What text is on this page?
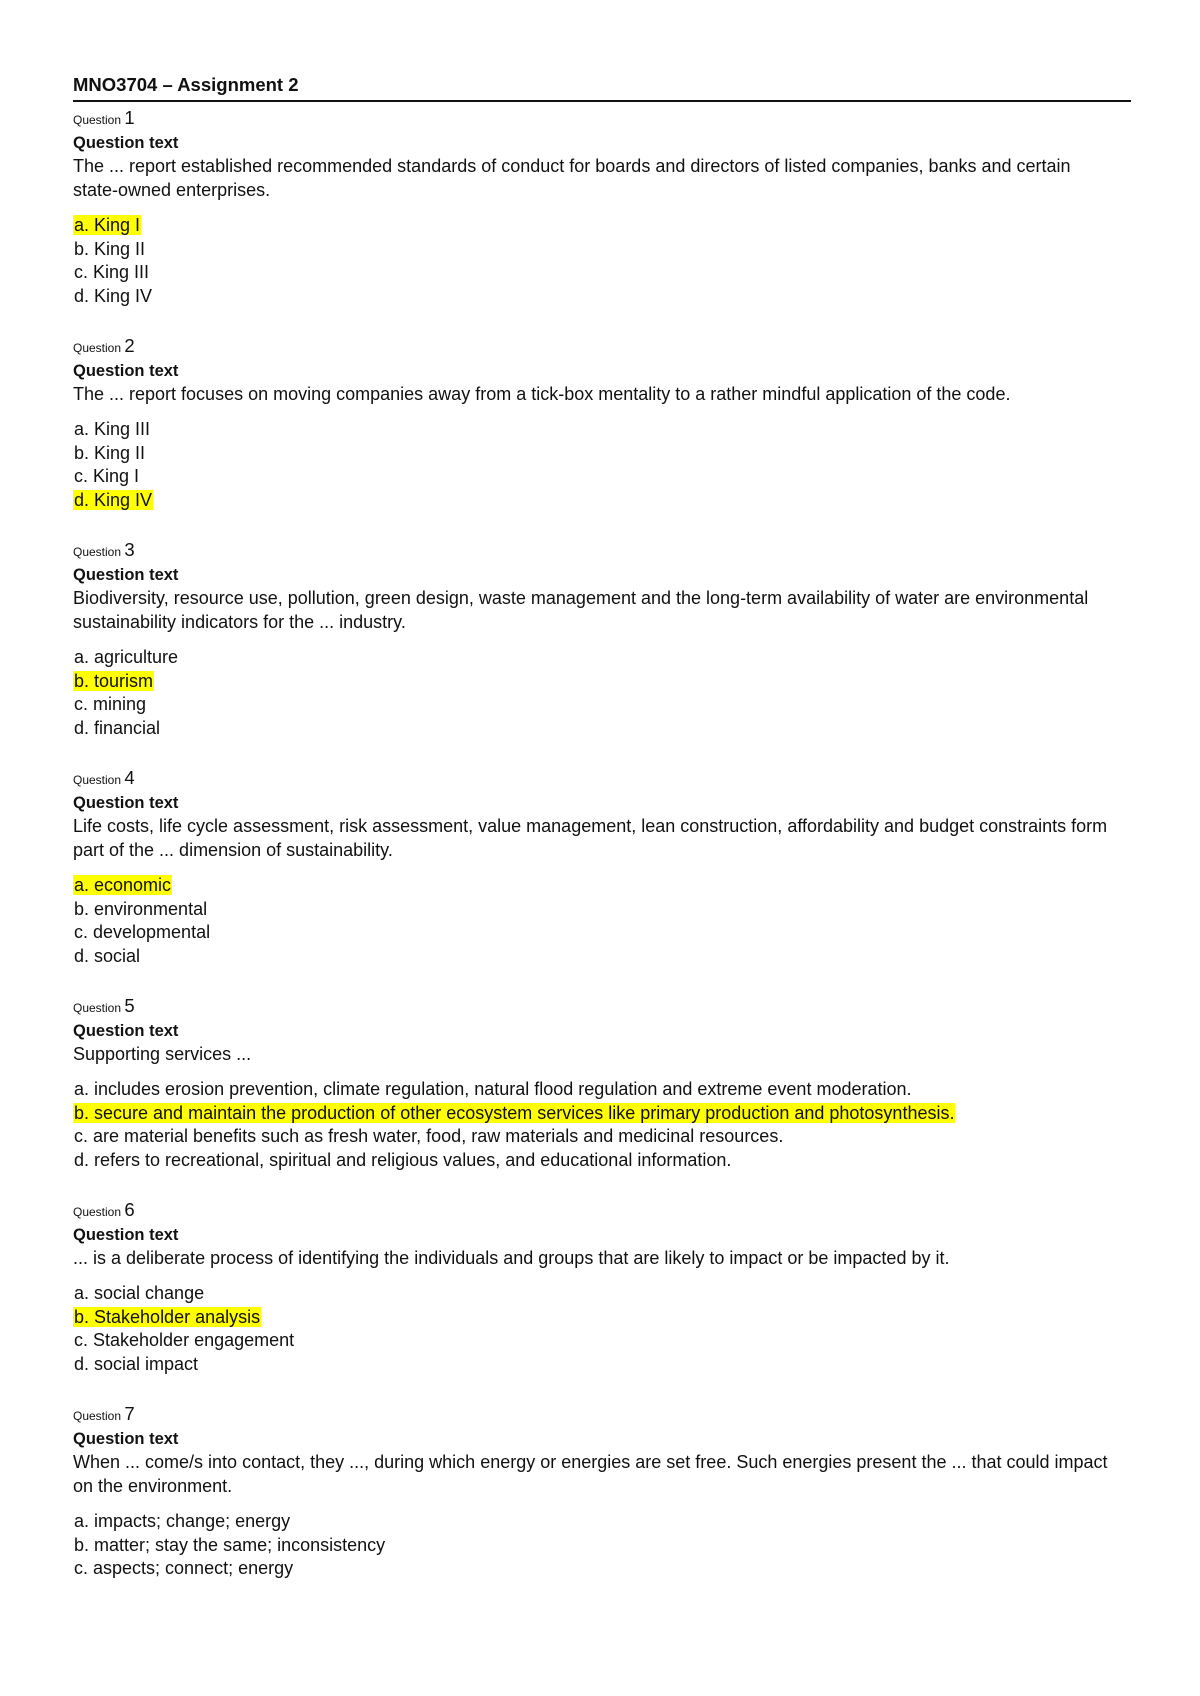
MNO3704 – Assignment 2
Question 1
Question text
The ... report established recommended standards of conduct for boards and directors of listed companies, banks and certain state-owned enterprises.
a. King I
b. King II
c. King III
d. King IV
Question 2
Question text
The ... report focuses on moving companies away from a tick-box mentality to a rather mindful application of the code.
a. King III
b. King II
c. King I
d. King IV
Question 3
Question text
Biodiversity, resource use, pollution, green design, waste management and the long-term availability of water are environmental sustainability indicators for the ... industry.
a. agriculture
b. tourism
c. mining
d. financial
Question 4
Question text
Life costs, life cycle assessment, risk assessment, value management, lean construction, affordability and budget constraints form part of the ... dimension of sustainability.
a. economic
b. environmental
c. developmental
d. social
Question 5
Question text
Supporting services ...
a. includes erosion prevention, climate regulation, natural flood regulation and extreme event moderation.
b. secure and maintain the production of other ecosystem services like primary production and photosynthesis.
c. are material benefits such as fresh water, food, raw materials and medicinal resources.
d. refers to recreational, spiritual and religious values, and educational information.
Question 6
Question text
... is a deliberate process of identifying the individuals and groups that are likely to impact or be impacted by it.
a. social change
b. Stakeholder analysis
c. Stakeholder engagement
d. social impact
Question 7
Question text
When ... come/s into contact, they ..., during which energy or energies are set free. Such energies present the ... that could impact on the environment.
a. impacts; change; energy
b. matter; stay the same; inconsistency
c. aspects; connect; energy
